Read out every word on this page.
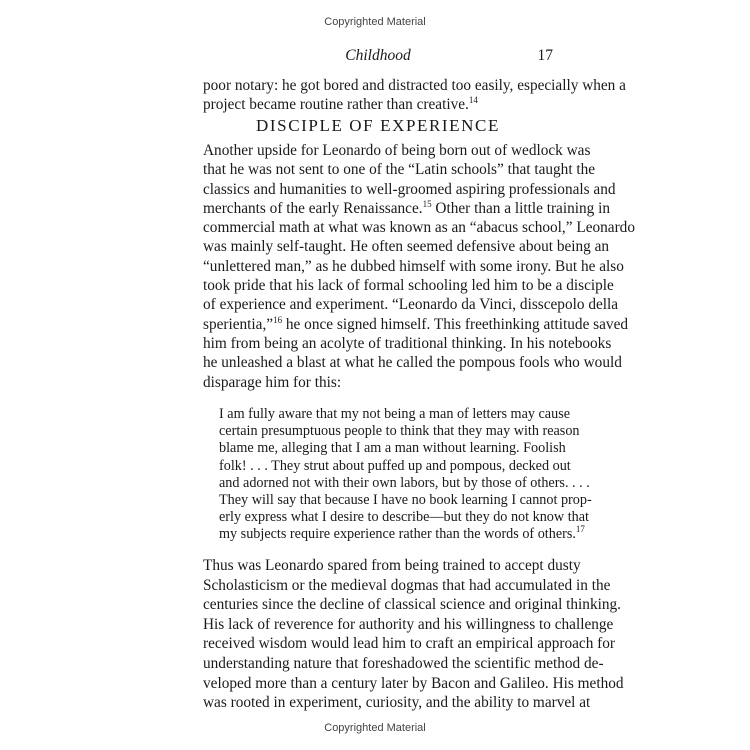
Copyrighted Material
Childhood	17
poor notary: he got bored and distracted too easily, especially when a
project became routine rather than creative.$^{14}$
DISCIPLE OF EXPERIENCE
Another upside for Leonardo of being born out of wedlock was
that he was not sent to one of the “Latin schools” that taught the
classics and humanities to well-groomed aspiring professionals and
merchants of the early Renaissance.$^{15}$ Other than a little training in
commercial math at what was known as an “abacus school,” Leonardo
was mainly self-taught. He often seemed defensive about being an
“unlettered man,” as he dubbed himself with some irony. But he also
took pride that his lack of formal schooling led him to be a disciple
of experience and experiment. “Leonardo da Vinci, disscepolo della
sperientia,”$^{16}$ he once signed himself. This freethinking attitude saved
him from being an acolyte of traditional thinking. In his notebooks
he unleashed a blast at what he called the pompous fools who would
disparage him for this:
I am fully aware that my not being a man of letters may cause
certain presumptuous people to think that they may with reason
blame me, alleging that I am a man without learning. Foolish
folk! . . . They strut about puffed up and pompous, decked out
and adorned not with their own labors, but by those of others. . . .
They will say that because I have no book learning I cannot prop-
erly express what I desire to describe—but they do not know that
my subjects require experience rather than the words of others.$^{17}$
Thus was Leonardo spared from being trained to accept dusty
Scholasticism or the medieval dogmas that had accumulated in the
centuries since the decline of classical science and original thinking.
His lack of reverence for authority and his willingness to challenge
received wisdom would lead him to craft an empirical approach for
understanding nature that foreshadowed the scientific method de-
veloped more than a century later by Bacon and Galileo. His method
was rooted in experiment, curiosity, and the ability to marvel at
Copyrighted Material
